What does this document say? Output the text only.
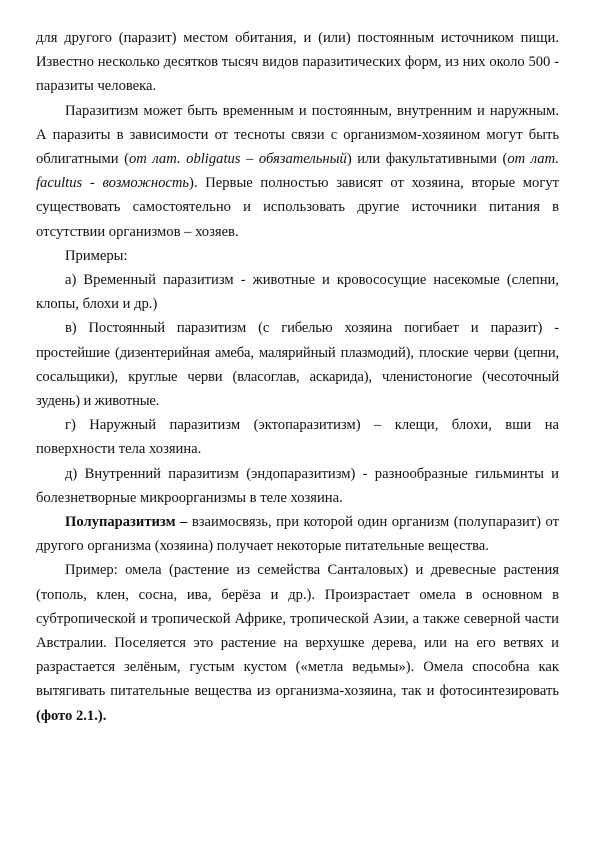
для другого (паразит) местом обитания, и (или) постоянным источником пищи. Известно несколько десятков тысяч видов паразитических форм, из них около 500 - паразиты человека.

Паразитизм может быть временным и постоянным, внутренним и наружным. А паразиты в зависимости от тесноты связи с организмом-хозяином могут быть облигатными (от лат. obligatus – обязательный) или факультативными (от лат. facultus - возможность). Первые полностью зависят от хозяина, вторые могут существовать самостоятельно и использовать другие источники питания в отсутствии организмов – хозяев.

Примеры:

а) Временный паразитизм - животные и кровососущие насекомые (слепни, клопы, блохи и др.)

в) Постоянный паразитизм (с гибелью хозяина погибает и паразит) - простейшие (дизентерийная амеба, малярийный плазмодий), плоские черви (цепни, сосальщики), круглые черви (власоглав, аскарида), членистоногие (чесоточный зудень) и животные.

г) Наружный паразитизм (эктопаразитизм) – клещи, блохи, вши на поверхности тела хозяина.

д) Внутренний паразитизм (эндопаразитизм) - разнообразные гильминты и болезнетворные микроорганизмы в теле хозяина.

Полупаразитизм – взаимосвязь, при которой один организм (полупаразит) от другого организма (хозяина) получает некоторые питательные вещества.

Пример: омела (растение из семейства Санталовых) и древесные растения (тополь, клен, сосна, ива, берёза и др.). Произрастает омела в основном в субтропической и тропической Африке, тропической Азии, а также северной части Австралии. Поселяется это растение на верхушке дерева, или на его ветвях и разрастается зелёным, густым кустом («метла ведьмы»). Омела способна как вытягивать питательные вещества из организма-хозяина, так и фотосинтезировать (фото 2.1.).
